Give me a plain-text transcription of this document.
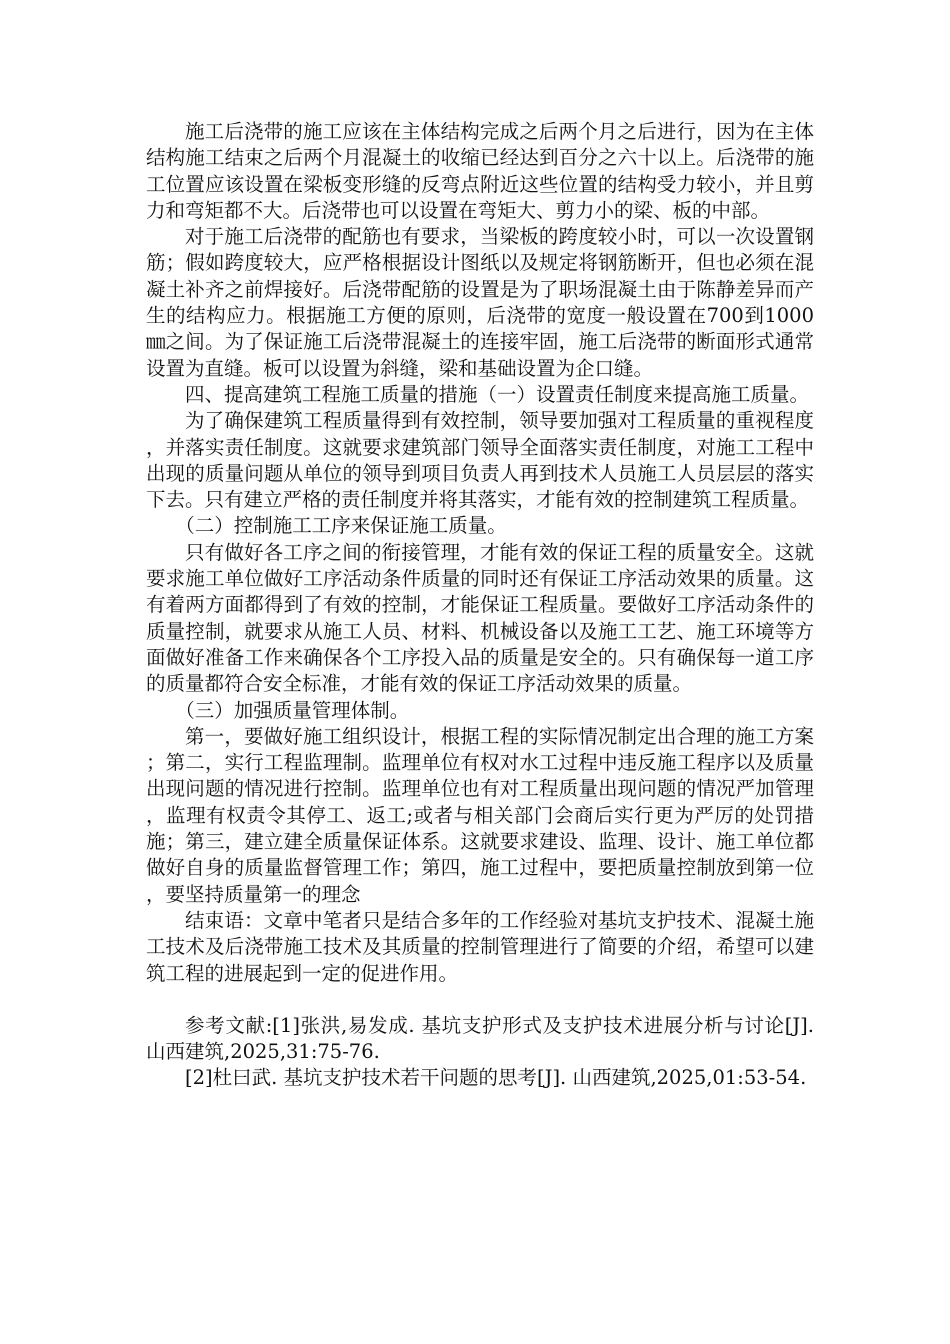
施工后浇带的施工应该在主体结构完成之后两个月之后进行，因为在主体结构施工结束之后两个月混凝土的收缩已经达到百分之六十以上。后浇带的施工位置应该设置在梁板变形缝的反弯点附近这些位置的结构受力较小，并且剪力和弯矩都不大。后浇带也可以设置在弯矩大、剪力小的梁、板的中部。

对于施工后浇带的配筋也有要求，当梁板的跨度较小时，可以一次设置钢筋；假如跨度较大，应严格根据设计图纸以及规定将钢筋断开，但也必须在混凝土补齐之前焊接好。后浇带配筋的设置是为了职场混凝土由于陈静差异而产生的结构应力。根据施工方便的原则，后浇带的宽度一般设置在700到1000㎜之间。为了保证施工后浇带混凝土的连接牢固，施工后浇带的断面形式通常设置为直缝。板可以设置为斜缝，梁和基础设置为企口缝。

四、提高建筑工程施工质量的措施（一）设置责任制度来提高施工质量。

为了确保建筑工程质量得到有效控制，领导要加强对工程质量的重视程度，并落实责任制度。这就要求建筑部门领导全面落实责任制度，对施工工程中出现的质量问题从单位的领导到项目负责人再到技术人员施工人员层层的落实下去。只有建立严格的责任制度并将其落实，才能有效的控制建筑工程质量。

（二）控制施工工序来保证施工质量。

只有做好各工序之间的衔接管理，才能有效的保证工程的质量安全。这就要求施工单位做好工序活动条件质量的同时还有保证工序活动效果的质量。这有着两方面都得到了有效的控制，才能保证工程质量。要做好工序活动条件的质量控制，就要求从施工人员、材料、机械设备以及施工工艺、施工环境等方面做好准备工作来确保各个工序投入品的质量是安全的。只有确保每一道工序的质量都符合安全标准，才能有效的保证工序活动效果的质量。

（三）加强质量管理体制。

第一，要做好施工组织设计，根据工程的实际情况制定出合理的施工方案；第二，实行工程监理制。监理单位有权对水工过程中违反施工程序以及质量出现问题的情况进行控制。监理单位也有对工程质量出现问题的情况严加管理，监理有权责令其停工、返工;或者与相关部门会商后实行更为严厉的处罚措施；第三，建立建全质量保证体系。这就要求建设、监理、设计、施工单位都做好自身的质量监督管理工作；第四，施工过程中，要把质量控制放到第一位，要坚持质量第一的理念

结束语：文章中笔者只是结合多年的工作经验对基坑支护技术、混凝土施工技术及后浇带施工技术及其质量的控制管理进行了简要的介绍，希望可以建筑工程的进展起到一定的促进作用。

参考文献:[1]张洪,易发成. 基坑支护形式及支护技术进展分析与讨论[J]. 山西建筑,2025,31:75-76.

[2]杜曰武. 基坑支护技术若干问题的思考[J]. 山西建筑,2025,01:53-54.
